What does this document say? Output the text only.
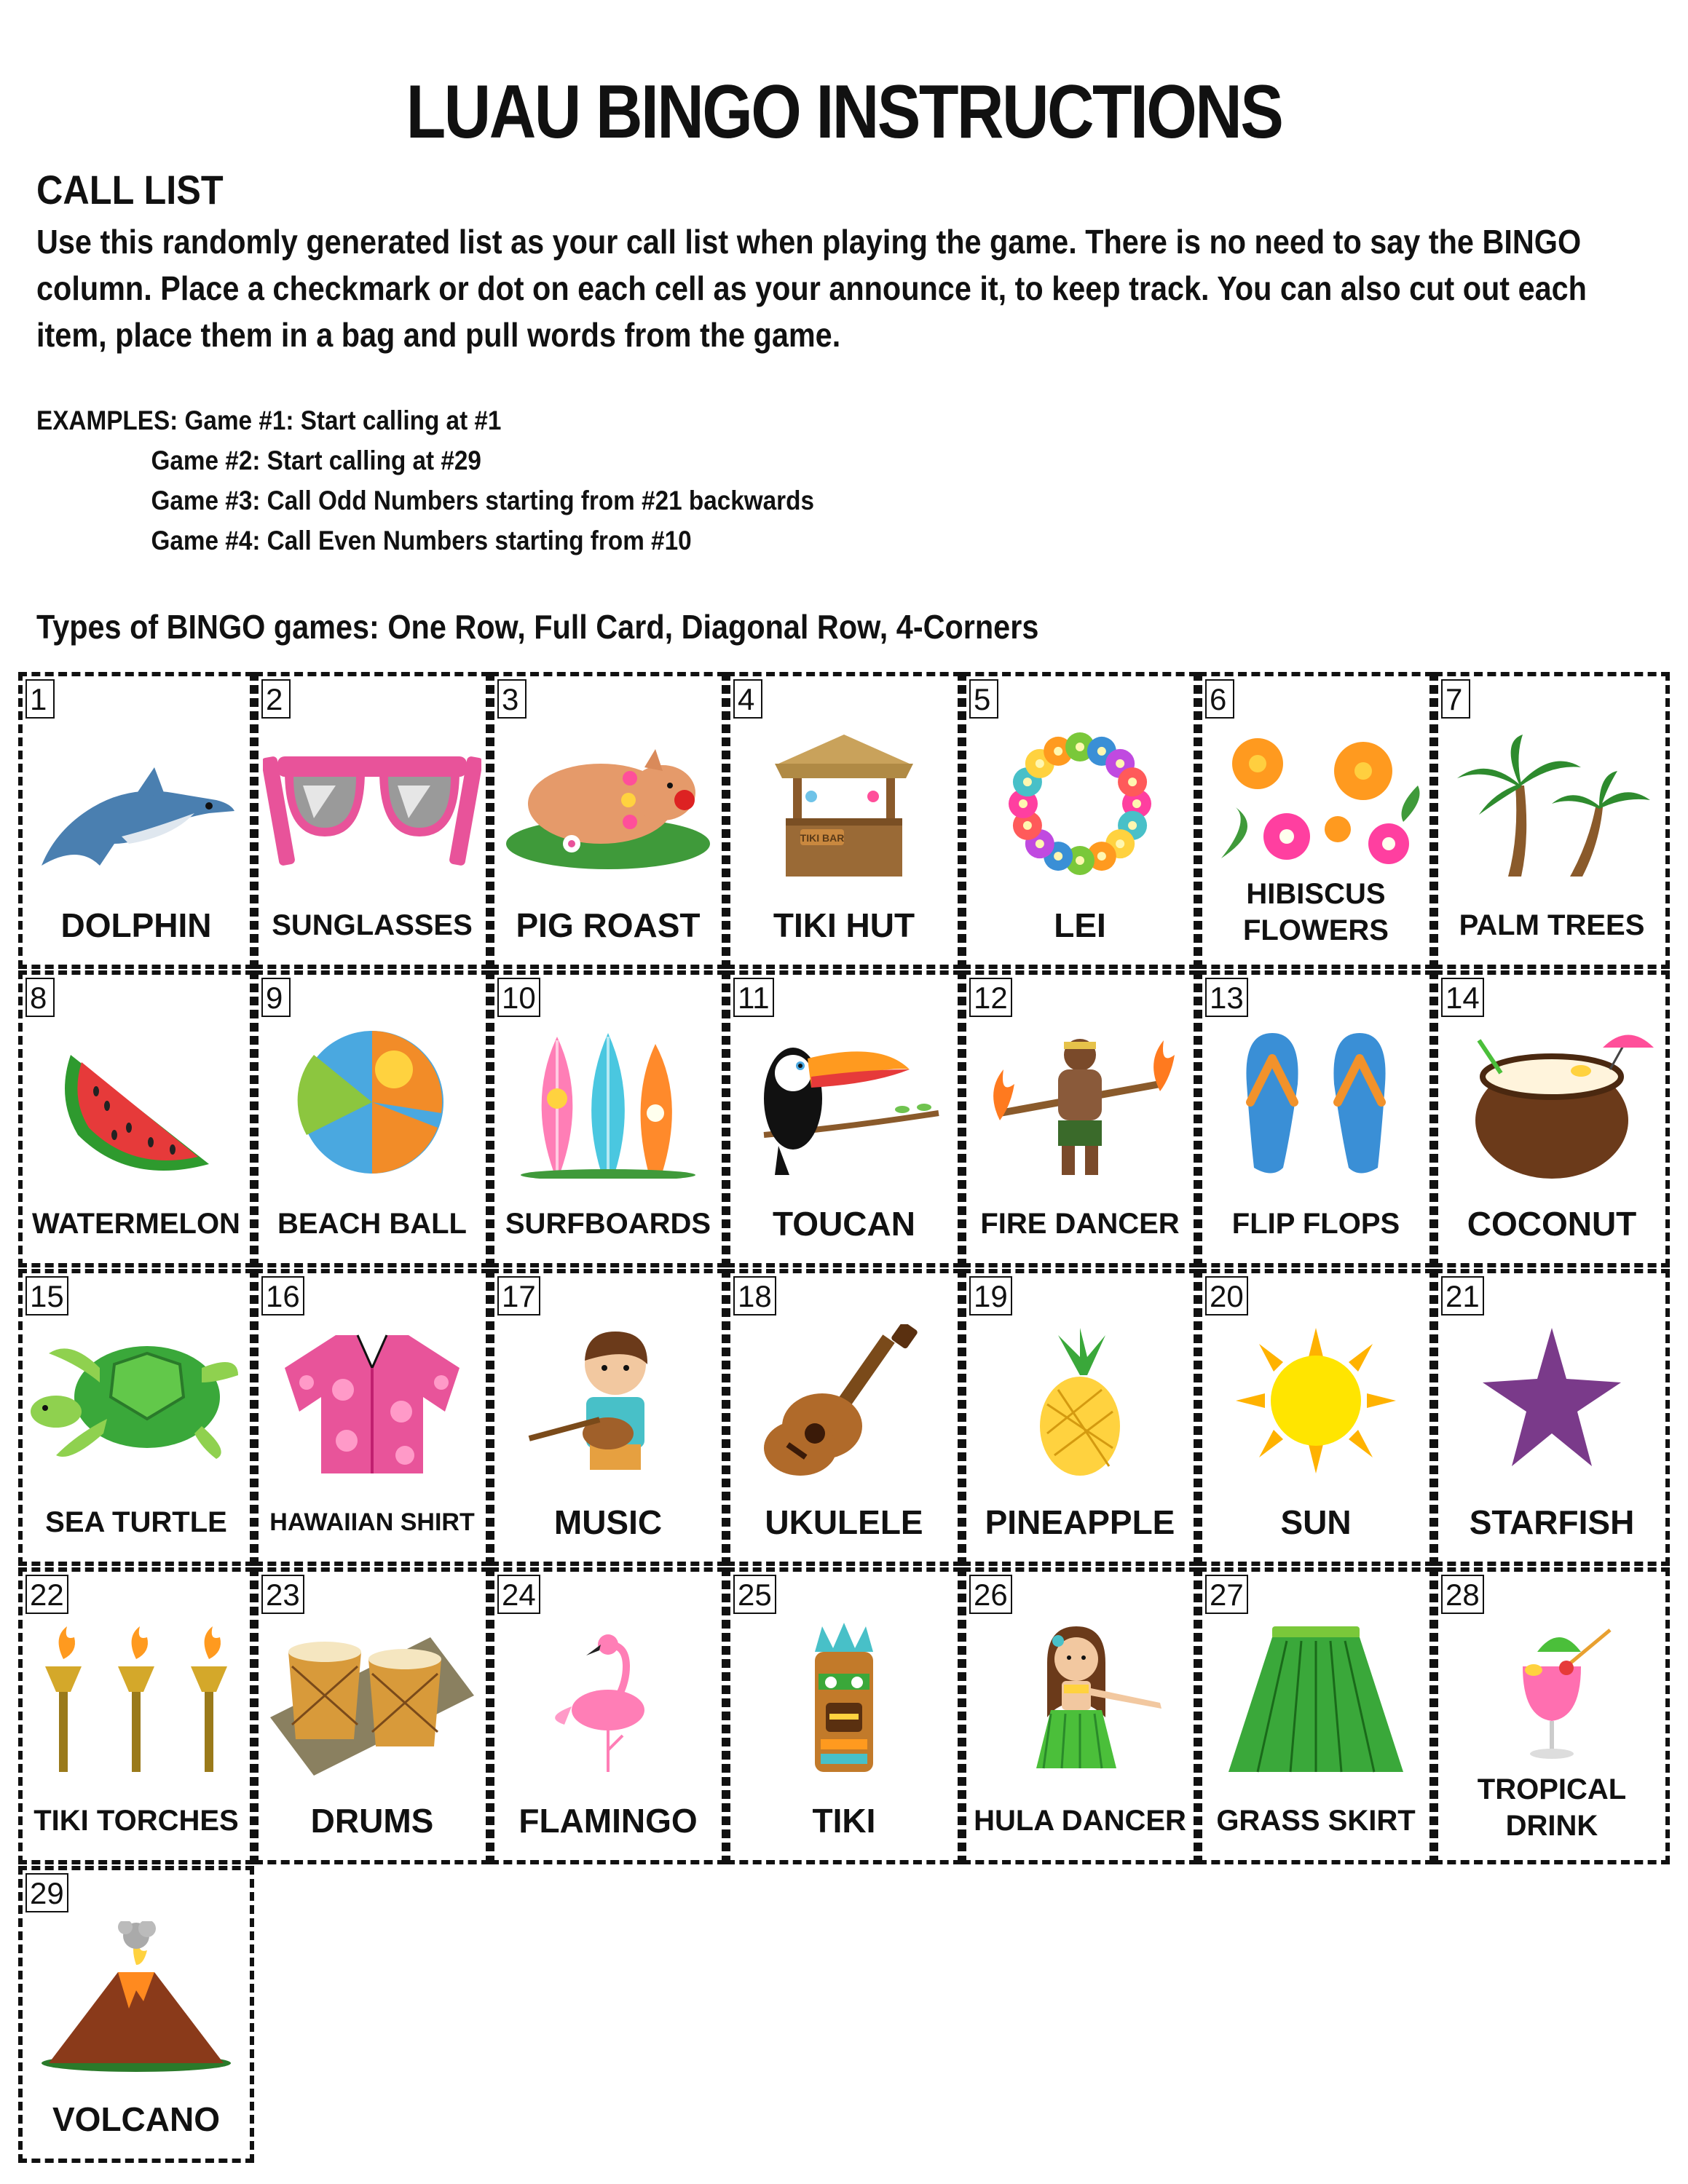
LUAU BINGO INSTRUCTIONS
CALL LIST
Use this randomly generated list as your call list when playing the game. There is no need to say the BINGO column. Place a checkmark or dot on each cell as your announce it, to keep track. You can also cut out each item, place them in a bag and pull words from the game.
EXAMPLES: Game #1: Start calling at #1
Game #2: Start calling at #29
Game #3: Call Odd Numbers starting from #21 backwards
Game #4: Call Even Numbers starting from #10
Types of BINGO games: One Row, Full Card, Diagonal Row, 4-Corners
1
DOLPHIN
2
SUNGLASSES
3
PIG ROAST
4
TIKI BAR
TIKI HUT
5
LEI
6
HIBISCUS FLOWERS
7
PALM TREES
8
WATERMELON
9
BEACH BALL
10
SURFBOARDS
11
TOUCAN
12
FIRE DANCER
13
FLIP FLOPS
14
COCONUT
15
SEA TURTLE
16
HAWAIIAN SHIRT
17
MUSIC
18
UKULELE
19
PINEAPPLE
20
SUN
21
STARFISH
22
TIKI TORCHES
23
DRUMS
24
FLAMINGO
25
TIKI
26
HULA DANCER
27
GRASS SKIRT
28
TROPICAL DRINK
29
VOLCANO
